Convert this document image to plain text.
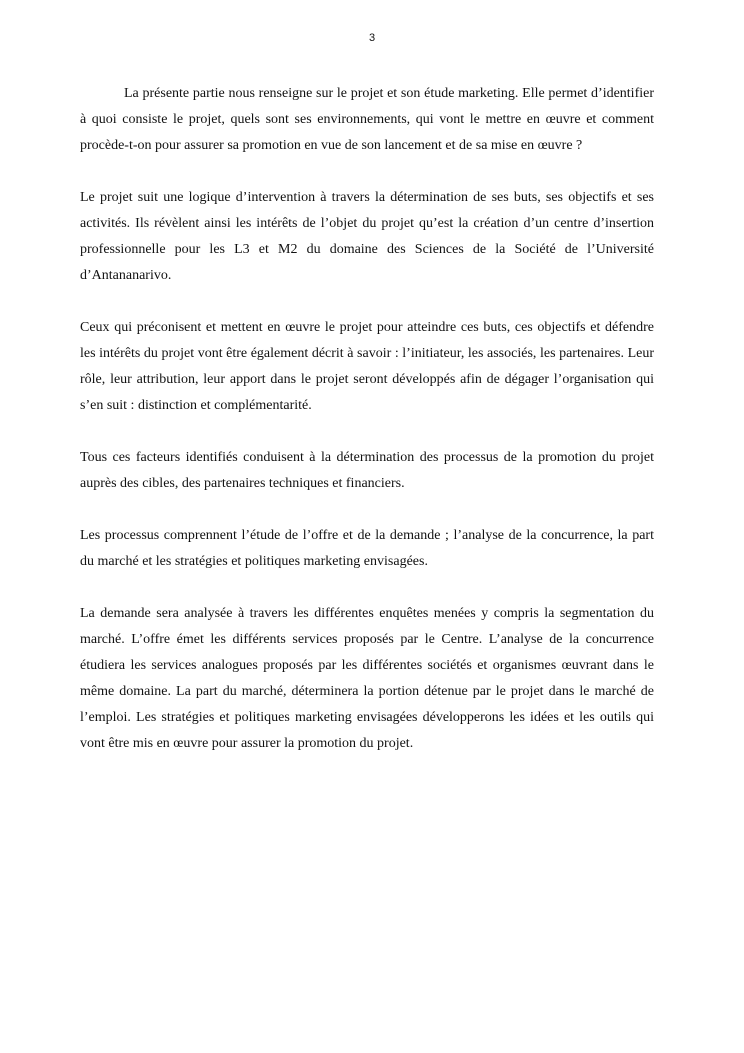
3

La présente partie nous renseigne sur le projet et son étude marketing. Elle permet d’identifier à quoi consiste le projet, quels sont ses environnements, qui vont le mettre en œuvre et comment procède-t-on pour assurer sa promotion en vue de son lancement et de sa mise en œuvre ?

Le projet suit une logique d’intervention à travers la détermination de ses buts, ses objectifs et ses activités. Ils révèlent ainsi les intérêts de l’objet du projet qu’est la création d’un centre d’insertion professionnelle pour les L3 et M2 du domaine des Sciences de la Société de l’Université d’Antananarivo.

Ceux qui préconisent et mettent en œuvre le projet pour atteindre ces buts, ces objectifs et défendre les intérêts du projet vont être également décrit à savoir : l’initiateur, les associés, les partenaires. Leur rôle, leur attribution, leur apport dans le projet seront développés afin de dégager l’organisation qui s’en suit : distinction et complémentarité.

Tous ces facteurs identifiés conduisent à la détermination des processus de la promotion du projet auprès des cibles, des partenaires techniques et financiers.

Les processus comprennent l’étude de l’offre et de la demande ; l’analyse de la concurrence, la part du marché et les stratégies et politiques marketing envisagées.

La demande sera analysée à travers les différentes enquêtes menées y compris la segmentation du marché. L’offre émet les différents services proposés par le Centre. L’analyse de la concurrence étudiera les services analogues proposés par les différentes sociétés et organismes œuvrant dans le même domaine. La part du marché, déterminera la portion détenue par le projet dans le marché de l’emploi. Les stratégies et politiques marketing envisagées développerons les idées et les outils qui vont être mis en œuvre pour assurer la promotion du projet.
